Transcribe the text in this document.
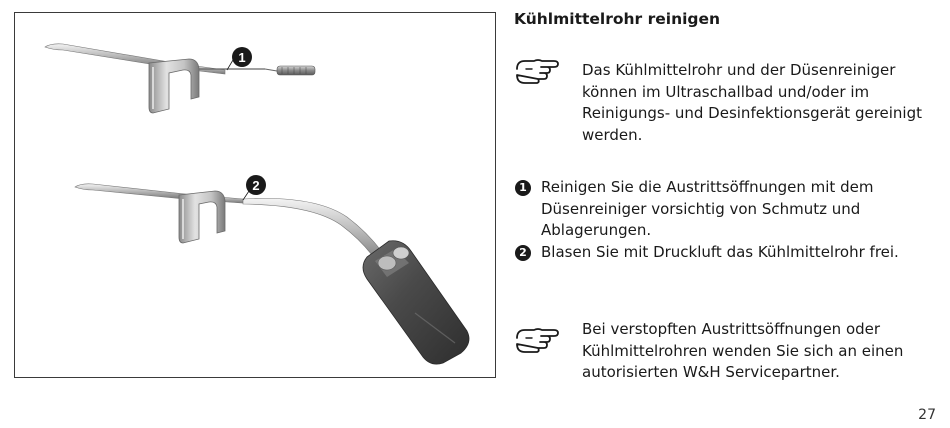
1
2
Kühlmittelrohr reinigen

Das Kühlmittelrohr und der Düsenreiniger

können im Ultraschallbad und/oder im

Reinigungs- und Desinfektionsgerät gereinigt

werden.

1 Reinigen Sie die Austrittsöffnungen mit dem
Düsenreiniger vorsichtig von Schmutz und
Ablagerungen.
2 Blasen Sie mit Druckluft das Kühlmittelrohr frei.

Bei verstopften Austrittsöffnungen oder

Kühlmittelrohren wenden Sie sich an einen

autorisierten W&H Servicepartner.

27
